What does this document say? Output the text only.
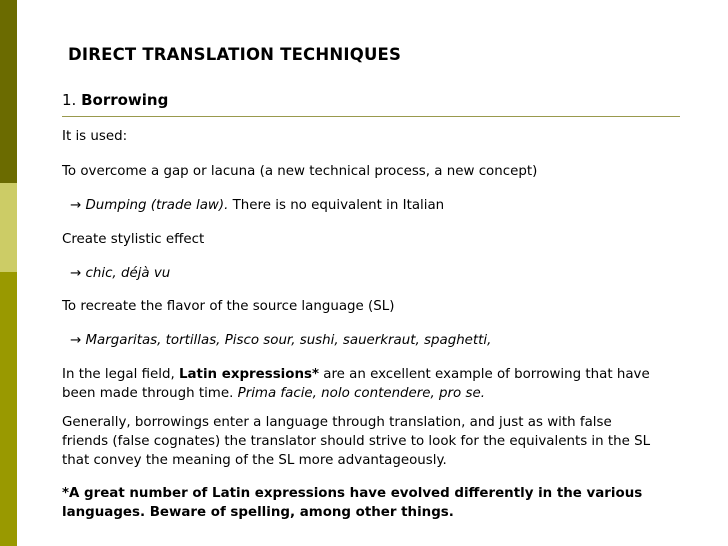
DIRECT TRANSLATION TECHNIQUES
1. Borrowing

It is used:

To overcome a gap or lacuna (a new technical process, a new concept)

→ Dumping (trade law). There is no equivalent in Italian

Create stylistic effect

→ chic, déjà vu

To recreate the flavor of the source language (SL)

→ Margaritas, tortillas, Pisco sour, sushi, sauerkraut, spaghetti,

In the legal field, Latin expressions* are an excellent example of borrowing that have

been made through time. Prima facie, nolo contendere, pro se.

Generally, borrowings enter a language through translation, and just as with false

friends (false cognates) the translator should strive to look for the equivalents in the SL

that convey the meaning of the SL more advantageously.

*A great number of Latin expressions have evolved differently in the various

languages. Beware of spelling, among other things.
